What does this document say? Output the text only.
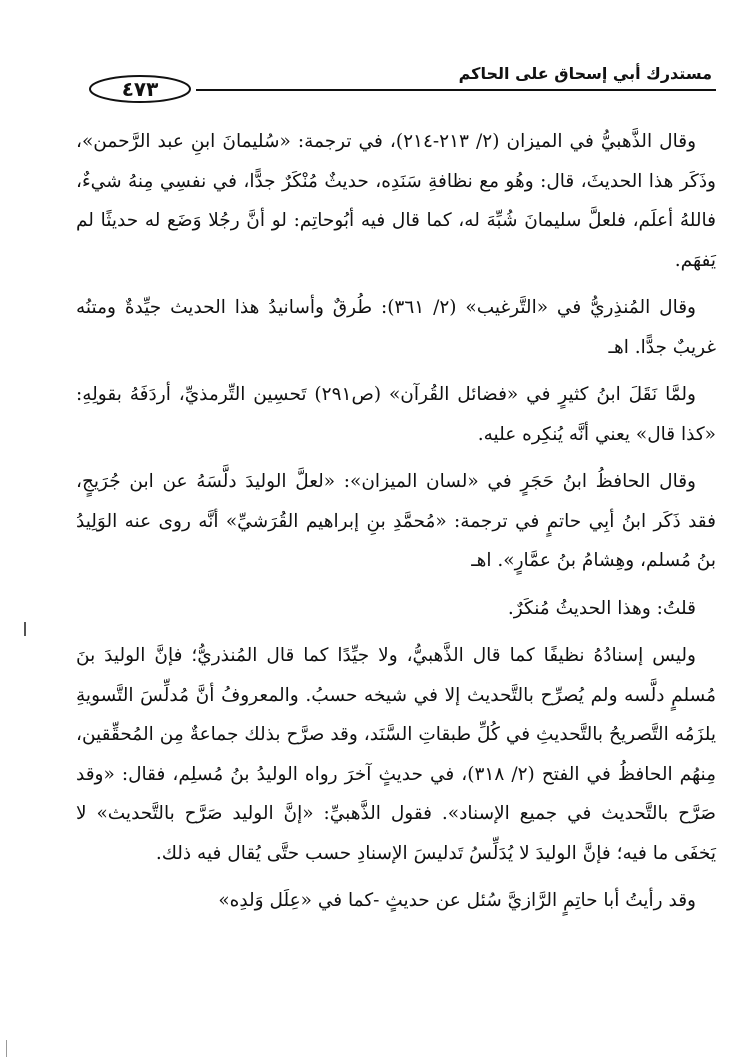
مستدرك أبي إسحاق على الحاكم
٤٧٣

وقال الذَّهبيُّ في الميزان (٢/ ٢١٣-٢١٤)، في ترجمة: «سُليمانَ ابنِ عبد الرَّحمن»، وذَكَر هذا الحديثَ، قال: وهُو مع نظافةِ سَنَدِه، حديثٌ مُنْكَرٌ جدًّا، في نفسِي مِنهُ شيءٌ، فاللهُ أعلَم، فلعلَّ سليمانَ شُبِّهَ له، كما قال فيه أبُوحاتِم: لو أنَّ رجُلا وَضَع له حديثًا لم يَفهَم.

وقال المُنذِريُّ في «التَّرغيب» (٢/ ٣٦١): طُرقٌ وأسانيدُ هذا الحديث جيِّدةٌ ومتنُه غريبٌ جدًّا. اهـ

ولمَّا نَقَلَ ابنُ كثيرٍ في «فضائل القُرآن» (ص٢٩١) تَحسِين التِّرمذيِّ، أردَفَهُ بقولِهِ: «كذا قال» يعني أنَّه يُنكِره عليه.

وقال الحافظُ ابنُ حَجَرٍ في «لسان الميزان»: «لعلَّ الوليدَ دلَّسَهُ عن ابن جُرَيجٍ، فقد ذَكَر ابنُ أبِي حاتمٍ في ترجمة: «مُحمَّدِ بنِ إبراهيم القُرَشيِّ» أنَّه روى عنه الوَلِيدُ بنُ مُسلم، وهِشامُ بنُ عمَّارٍ». اهـ

قلتُ: وهذا الحديثُ مُنكَرٌ.

وليس إسنادُهُ نظيفًا كما قال الذَّهبيُّ، ولا جيِّدًا كما قال المُنذريُّ؛ فإنَّ الوليدَ بنَ مُسلمٍ دلَّسه ولم يُصرِّح بالتَّحديث إلا في شيخه حسبُ. والمعروفُ أنَّ مُدلِّسَ التَّسويةِ يلزَمُه التَّصريحُ بالتَّحديثِ في كُلِّ طبقاتِ السَّنَد، وقد صرَّح بذلك جماعةٌ مِن المُحقِّقين، مِنهُم الحافظُ في الفتح (٢/ ٣١٨)، في حديثٍ آخرَ رواه الوليدُ بنُ مُسلِم، فقال: «وقد صَرَّح بالتَّحديث في جميع الإسناد». فقول الذَّهبيِّ: «إنَّ الوليد صَرَّح بالتَّحديث» لا يَخفَى ما فيه؛ فإنَّ الوليدَ لا يُدَلِّسُ تَدليسَ الإسنادِ حسب حتَّى يُقال فيه ذلك.

وقد رأيتُ أبا حاتِمٍ الرَّازيَّ سُئل عن حديثٍ -كما في «عِلَل وَلدِه»
